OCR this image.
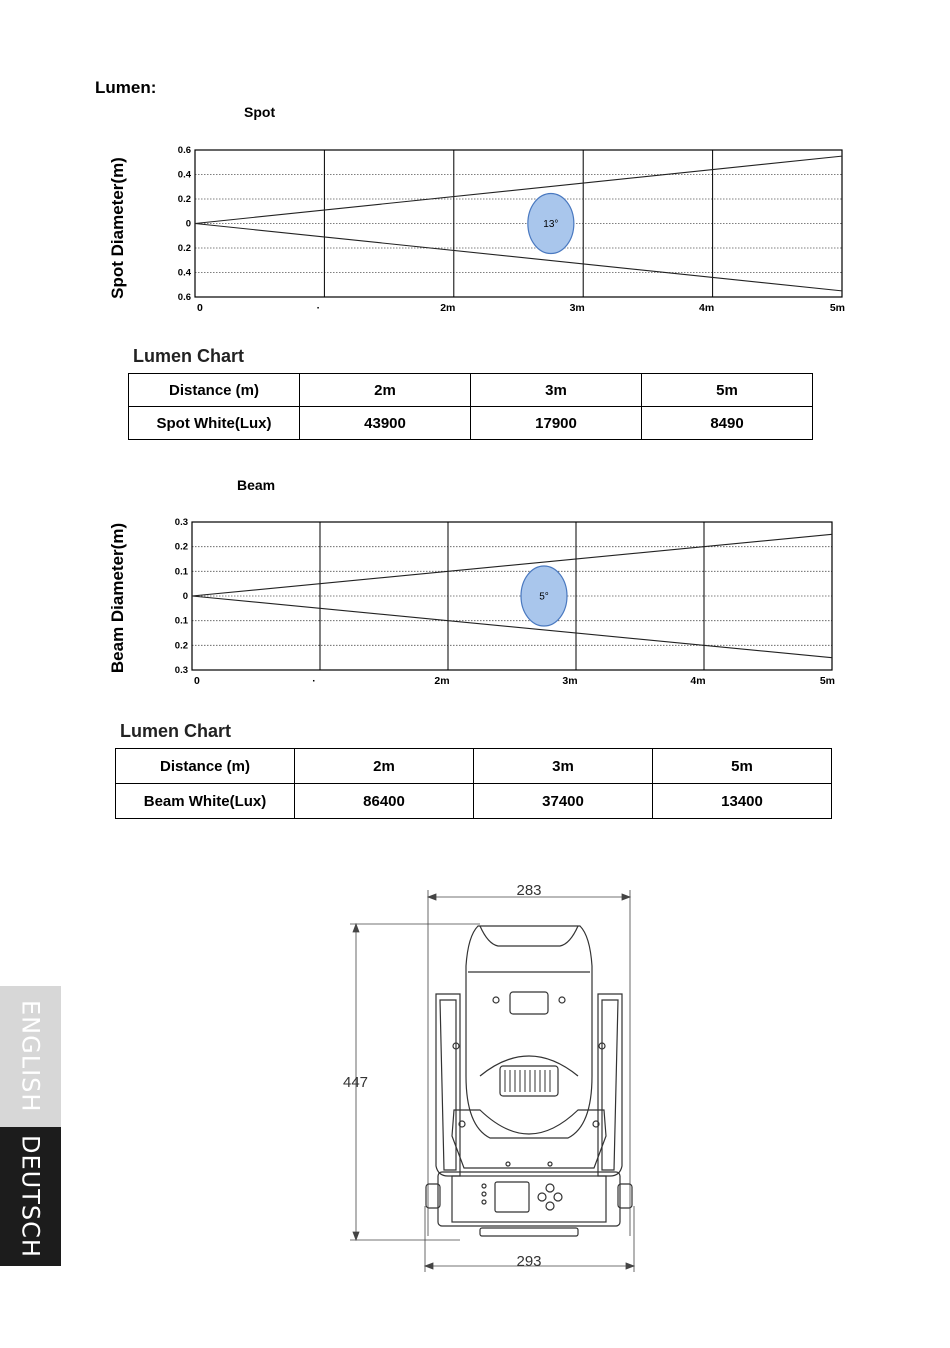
Lumen:
Spot
Spot Diameter(m)
0.6
0.4
0.2
0
0.2
0.4
0.6
0	·	2m	3m	4m	5m
13°
Lumen Chart
Distance (m)	2m	3m	5m
Spot White(Lux)	43900	17900	8490
Beam
Beam Diameter(m)
0.3
0.2
0.1
0
0.1
0.2
0.3
0	·	2m	3m	4m	5m
5°
Lumen Chart
Distance (m)	2m	3m	5m
Beam White(Lux)	86400	37400	13400
283
447
293
ENGLISH
DEUTSCH
